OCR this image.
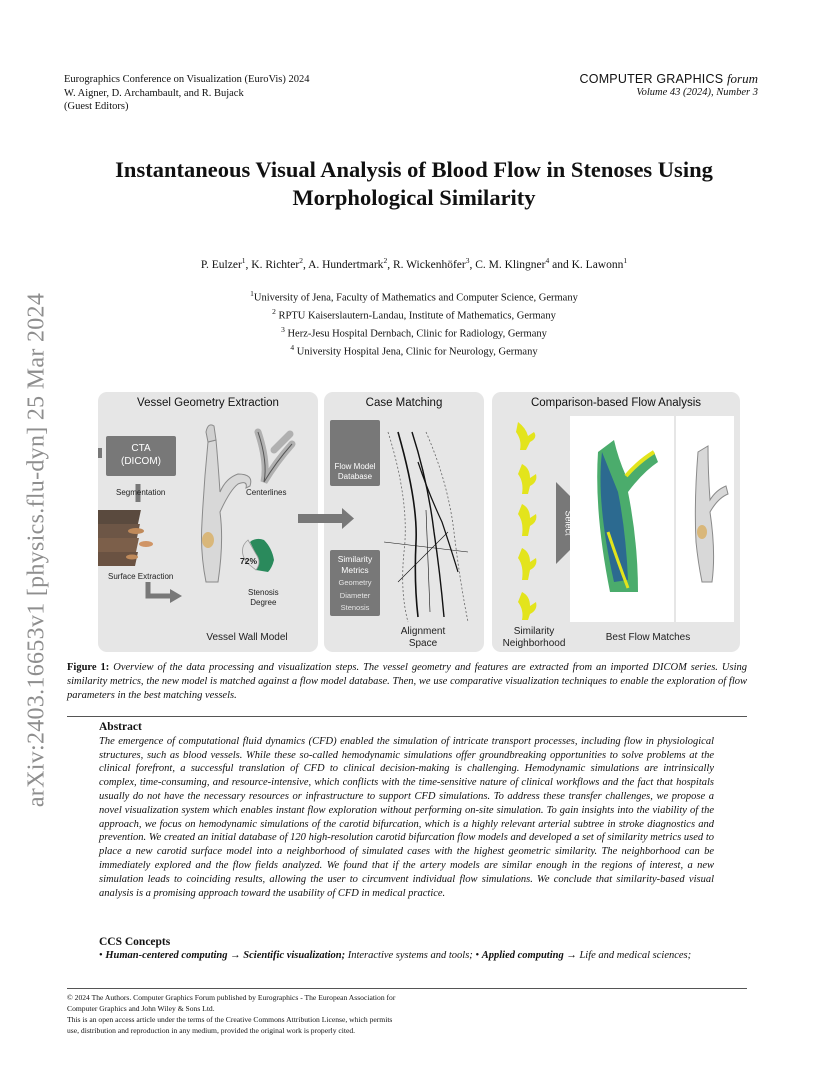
Eurographics Conference on Visualization (EuroVis) 2024
W. Aigner, D. Archambault, and R. Bujack
(Guest Editors)
COMPUTER GRAPHICS forum
Volume 43 (2024), Number 3
arXiv:2403.16653v1 [physics.flu-dyn] 25 Mar 2024
Instantaneous Visual Analysis of Blood Flow in Stenoses Using
Morphological Similarity
P. Eulzer$^1$, K. Richter$^2$, A. Hundertmark$^2$, R. Wickenhöfer$^3$, C. M. Klingner$^4$ and K. Lawonn$^1$
$^1$University of Jena, Faculty of Mathematics and Computer Science, Germany
$^2$ RPTU Kaiserslautern-Landau, Institute of Mathematics, Germany
$^3$ Herz-Jesu Hospital Dernbach, Clinic for Radiology, Germany
$^4$ University Hospital Jena, Clinic for Neurology, Germany
Vessel Geometry Extraction	Case Matching	Comparison-based Flow Analysis
CTA
(DICOM)
Segmentation
Surface Extraction
Centerlines
72%
Stenosis
Degree
Vessel Wall Model
Flow Model
Database
Similarity
Metrics
Geometry
Diameter
Stenosis
Alignment
Space
Select
Similarity
Neighborhood
Best Flow Matches
Figure 1: Overview of the data processing and visualization steps. The vessel geometry and features are extracted from an imported DICOM series. Using similarity metrics, the new model is matched against a flow model database. Then, we use comparative visualization techniques to enable the exploration of flow parameters in the best matching vessels.
Abstract
The emergence of computational fluid dynamics (CFD) enabled the simulation of intricate transport processes, including flow in physiological structures, such as blood vessels. While these so-called hemodynamic simulations offer groundbreaking opportunities to solve problems at the clinical forefront, a successful translation of CFD to clinical decision-making is challenging. Hemodynamic simulations are intrinsically complex, time-consuming, and resource-intensive, which conflicts with the time-sensitive nature of clinical workflows and the fact that hospitals usually do not have the necessary resources or infrastructure to support CFD simulations. To address these transfer challenges, we propose a novel visualization system which enables instant flow exploration without performing on-site simulation. To gain insights into the viability of the approach, we focus on hemodynamic simulations of the carotid bifurcation, which is a highly relevant arterial subtree in stroke diagnostics and prevention. We created an initial database of 120 high-resolution carotid bifurcation flow models and developed a set of similarity metrics used to place a new carotid surface model into a neighborhood of simulated cases with the highest geometric similarity. The neighborhood can be immediately explored and the flow fields analyzed. We found that if the artery models are similar enough in the regions of interest, a new simulation leads to coinciding results, allowing the user to circumvent individual flow simulations. We conclude that similarity-based visual analysis is a promising approach toward the usability of CFD in medical practice.
CCS Concepts
• Human-centered computing → Scientific visualization; Interactive systems and tools; • Applied computing → Life and medical sciences;
© 2024 The Authors. Computer Graphics Forum published by Eurographics - The European Association for Computer Graphics and John Wiley & Sons Ltd.
This is an open access article under the terms of the Creative Commons Attribution License, which permits use, distribution and reproduction in any medium, provided the original work is properly cited.
